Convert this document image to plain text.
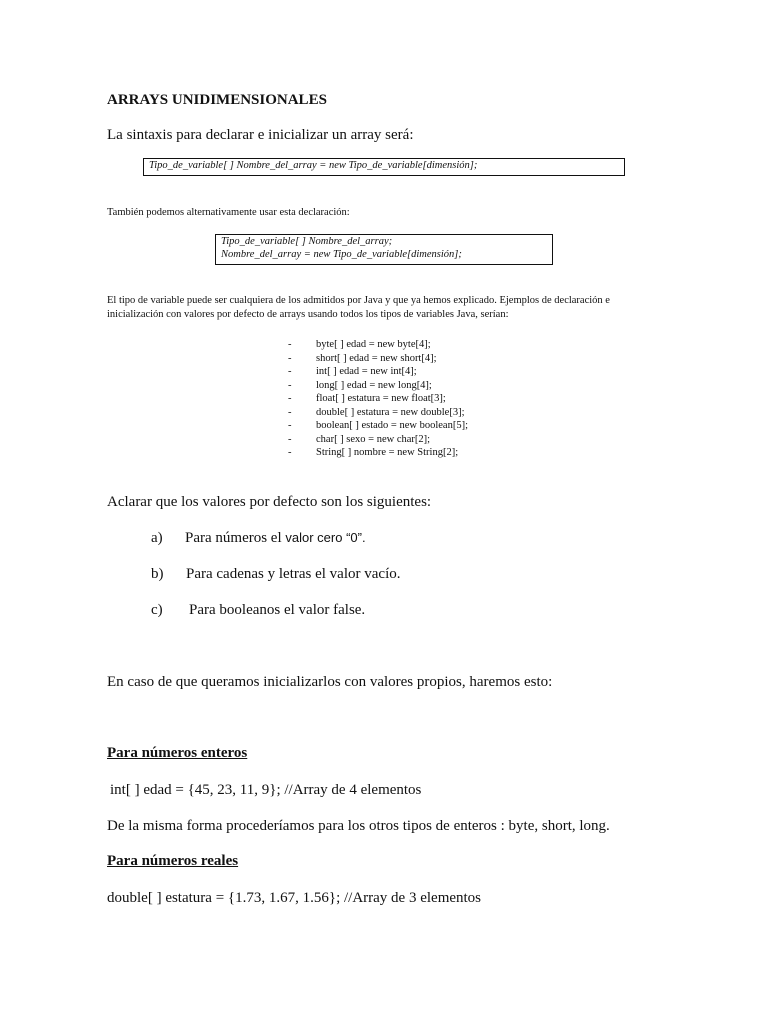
ARRAYS UNIDIMENSIONALES
La sintaxis para declarar e inicializar un array será:
Tipo_de_variable[ ] Nombre_del_array = new Tipo_de_variable[dimensión];
También podemos alternativamente usar esta declaración:
Tipo_de_variable[ ] Nombre_del_array;
Nombre_del_array = new Tipo_de_variable[dimensión];
El tipo de variable puede ser cualquiera de los admitidos por Java y que ya hemos explicado. Ejemplos de declaración e
inicialización con valores por defecto de arrays usando todos los tipos de variables Java, serían:
- byte[ ] edad = new byte[4];
- short[ ] edad = new short[4];
- int[ ] edad = new int[4];
- long[ ] edad = new long[4];
- float[ ] estatura = new float[3];
- double[ ] estatura = new double[3];
- boolean[ ] estado = new boolean[5];
- char[ ] sexo = new char[2];
- String[ ] nombre = new String[2];
Aclarar que los valores por defecto son los siguientes:
a) Para números el valor cero “0”.
b) Para cadenas y letras el valor vacío.
c) Para booleanos el valor false.
En caso de que queramos inicializarlos con valores propios, haremos esto:
Para números enteros
int[ ] edad = {45, 23, 11, 9}; //Array de 4 elementos
De la misma forma procederíamos para los otros tipos de enteros : byte, short, long.
Para números reales
double[ ] estatura = {1.73, 1.67, 1.56}; //Array de 3 elementos
